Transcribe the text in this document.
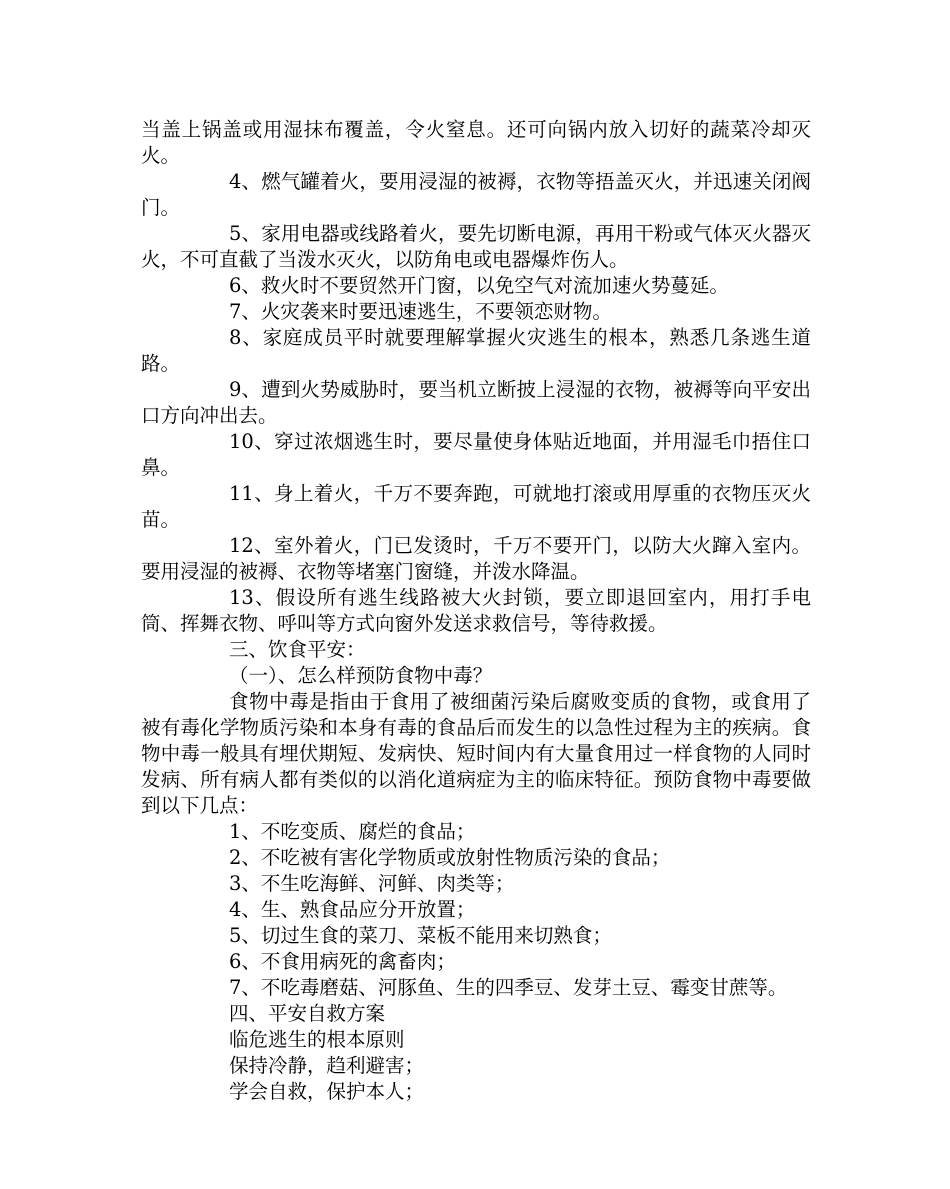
当盖上锅盖或用湿抹布覆盖，令火窒息。还可向锅内放入切好的蔬菜冷却灭火。

4、燃气罐着火，要用浸湿的被褥，衣物等捂盖灭火，并迅速关闭阀门。

5、家用电器或线路着火，要先切断电源，再用干粉或气体灭火器灭火，不可直截了当泼水灭火，以防角电或电器爆炸伤人。

6、救火时不要贸然开门窗，以免空气对流加速火势蔓延。

7、火灾袭来时要迅速逃生，不要领恋财物。

8、家庭成员平时就要理解掌握火灾逃生的根本，熟悉几条逃生道路。

9、遭到火势威胁时，要当机立断披上浸湿的衣物，被褥等向平安出口方向冲出去。

10、穿过浓烟逃生时，要尽量使身体贴近地面，并用湿毛巾捂住口鼻。

11、身上着火，千万不要奔跑，可就地打滚或用厚重的衣物压灭火苗。

12、室外着火，门已发烫时，千万不要开门，以防大火蹿入室内。要用浸湿的被褥、衣物等堵塞门窗缝，并泼水降温。

13、假设所有逃生线路被大火封锁，要立即退回室内，用打手电筒、挥舞衣物、呼叫等方式向窗外发送求救信号，等待救援。

三、饮食平安：

（一）、怎么样预防食物中毒？

食物中毒是指由于食用了被细菌污染后腐败变质的食物，或食用了被有毒化学物质污染和本身有毒的食品后而发生的以急性过程为主的疾病。食物中毒一般具有埋伏期短、发病快、短时间内有大量食用过一样食物的人同时发病、所有病人都有类似的以消化道病症为主的临床特征。预防食物中毒要做到以下几点：

1、不吃变质、腐烂的食品；

2、不吃被有害化学物质或放射性物质污染的食品；

3、不生吃海鲜、河鲜、肉类等；

4、生、熟食品应分开放置；

5、切过生食的菜刀、菜板不能用来切熟食；

6、不食用病死的禽畜肉；

7、不吃毒磨菇、河豚鱼、生的四季豆、发芽土豆、霉变甘蔗等。

四、平安自救方案

临危逃生的根本原则

保持冷静，趋利避害；

学会自救，保护本人；
